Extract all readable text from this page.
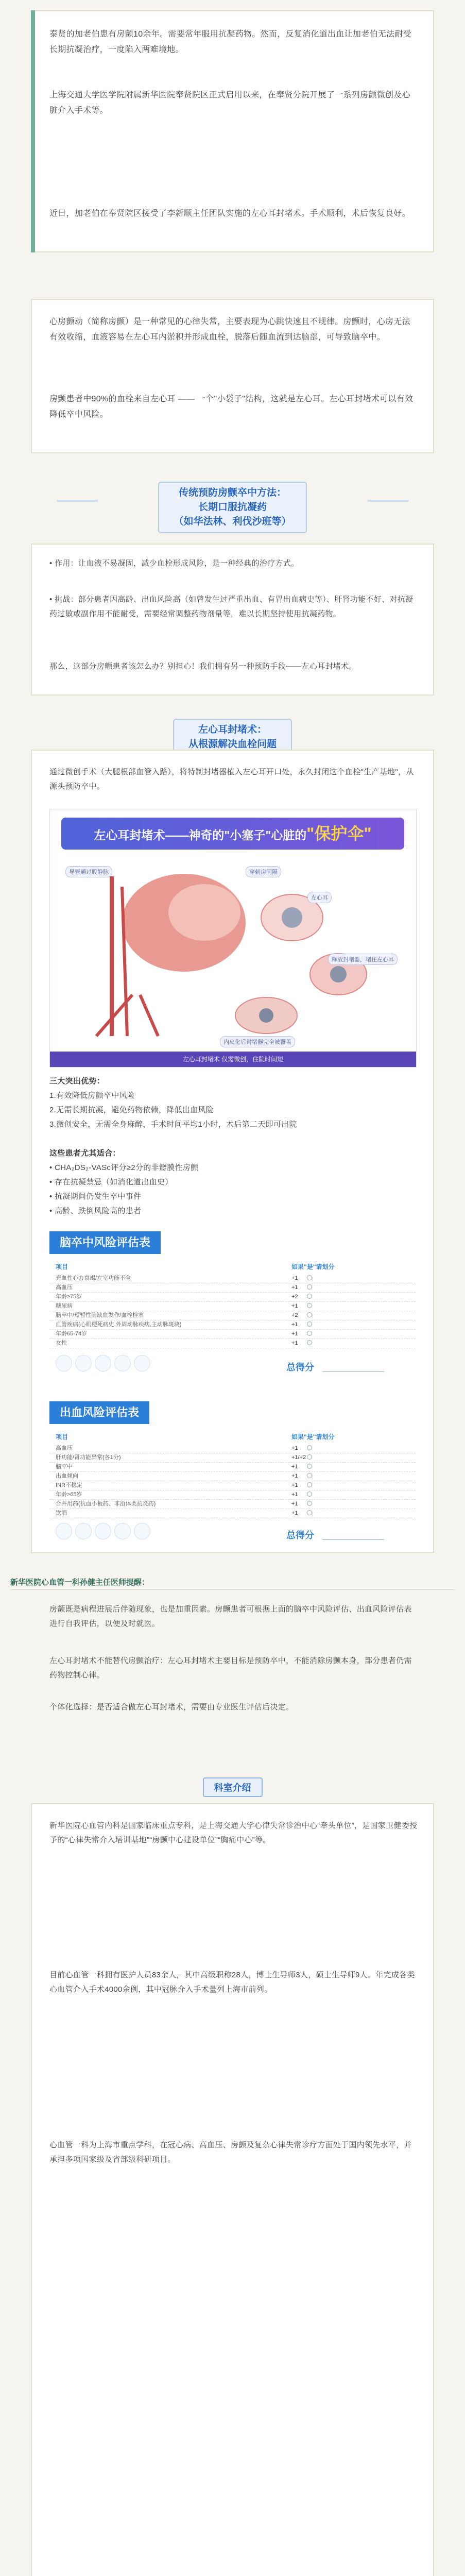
泰贤的加老伯患有房颤10余年。需要常年服用抗凝药物。然而，反复消化道出血让加老伯无法耐受长期抗凝治疗，一度陷入两难境地。
上海交通大学医学院附属新华医院奉贤院区正式启用以来，在奉贤分院开展了一系列房颤微创及心脏介入手术等。
近日，加老伯在奉贤院区接受了李新顺主任团队实施的左心耳封堵术。手术顺利，术后恢复良好。
心房颤动（简称房颤）是一种常见的心律失常，主要表现为心跳快速且不规律。房颤时，心房无法有效收缩，血液容易在左心耳内淤积并形成血栓，脱落后随血流到达脑部，可导致脑卒中。
房颤患者中90%的血栓来自左心耳 —— 一个"小袋子"结构，这就是左心耳。左心耳封堵术可以有效降低卒中风险。
传统预防房颤卒中方法：
长期口服抗凝药
（如华法林、利伐沙班等）
• 作用：让血液不易凝固，减少血栓形成风险，是一种经典的治疗方式。
• 挑战：部分患者因高龄、出血风险高（如曾发生过严重出血、有胃出血病史等）、肝肾功能不好、对抗凝药过敏或副作用不能耐受，需要经常调整药物剂量等，难以长期坚持使用抗凝药物。
那么，这部分房颤患者该怎么办？别担心！我们拥有另一种预防手段——左心耳封堵术。
左心耳封堵术：
从根源解决血栓问题
通过微创手术（大腿根部血管入路），将特制封堵器植入左心耳开口处，永久封闭这个血栓"生产基地"，从源头预防卒中。
左心耳封堵术——神奇的"小塞子"心脏的"保护伞"
导管通过股静脉	穿刺房间隔
释放封堵器，堵住左心耳
左心耳
内皮化后封堵器完全被覆盖
左心耳封堵术 仅需微创，住院时间短
三大突出优势：
1.有效降低房颤卒中风险
2.无需长期抗凝，避免药物依赖，降低出血风险
3.微创安全，无需全身麻醉，手术时间平均1小时，术后第二天即可出院
这些患者尤其适合：
• CHA₂DS₂-VASc评分≥2分的非瓣膜性房颤
• 存在抗凝禁忌（如消化道出血史）
• 抗凝期间仍发生卒中事件
• 高龄、跌倒风险高的患者
脑卒中风险评估表
项目	如果"是"请划分
充血性心力衰竭/左室功能不全	+1
高血压	+1
年龄≥75岁	+2
糖尿病	+1
脑卒中/短暂性脑缺血发作/血栓栓塞	+2
血管疾病(心肌梗死病史,外周动脉疾病,主动脉斑块)	+1
年龄65-74岁	+1
女性	+1
总得分
出血风险评估表
项目	如果"是"请划分
高血压	+1
肝功能/肾功能异常(各1分)	+1/+2
脑卒中	+1
出血倾向	+1
INR不稳定	+1
年龄>65岁	+1
合并用药(抗血小板药、非甾体类抗炎药)	+1
饮酒	+1
总得分
新华医院心血管一科孙健主任医师提醒：
房颤既是病程进展后伴随现象，也是加重因素。房颤患者可根据上面的脑卒中风险评估、出血风险评估表进行自我评估，以便及时就医。
左心耳封堵术不能替代房颤治疗：左心耳封堵术主要目标是预防卒中，不能消除房颤本身，部分患者仍需药物控制心律。
个体化选择：是否适合做左心耳封堵术，需要由专业医生评估后决定。
科室介绍
新华医院心血管内科是国家临床重点专科，是上海交通大学心律失常诊治中心“牵头单位”，是国家卫健委授予的“心律失常介入培训基地”“房颤中心建设单位”“胸痛中心”等。
目前心血管一科拥有医护人员83余人，其中高级职称28人，博士生导师3人，硕士生导师9人。年完成各类心血管介入手术4000余例，其中冠脉介入手术量列上海市前列。
心血管一科为上海市重点学科，在冠心病、高血压、房颤及复杂心律失常诊疗方面处于国内领先水平，并承担多项国家级及省部级科研项目。
